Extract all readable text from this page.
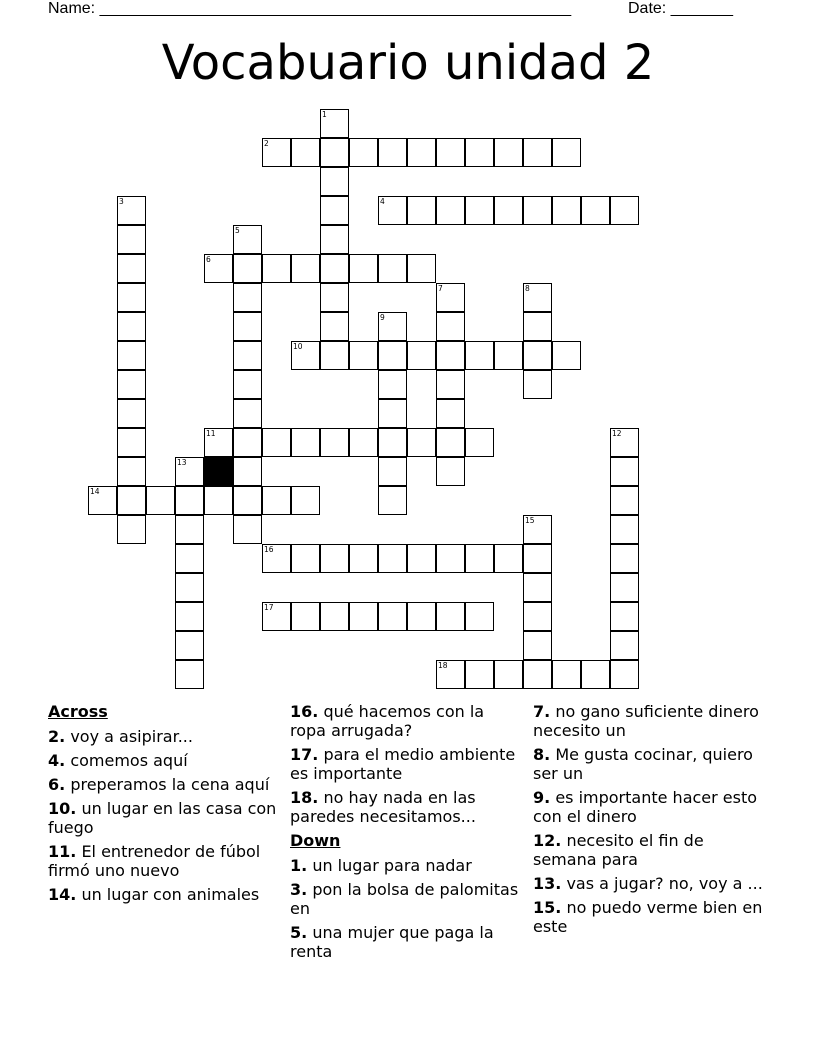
Name: _____________________________________________________	Date: _______
Vocabuario unidad 2
1
2
3	4
5
6
7	8
9
10
11	12
13
14
15
16
17
18
Across
2. voy a asipirar...
4. comemos aquí
6. preperamos la cena aquí
10. un lugar en las casa con fuego
11. El entrenedor de fúbol firmó uno nuevo
14. un lugar con animales
16. qué hacemos con la ropa arrugada?
17. para el medio ambiente es importante
18. no hay nada en las paredes necesitamos...
Down
1. un lugar para nadar
3. pon la bolsa de palomitas en
5. una mujer que paga la renta
7. no gano suficiente dinero necesito un
8. Me gusta cocinar, quiero ser un
9. es importante hacer esto con el dinero
12. necesito el fin de semana para
13. vas a jugar? no, voy a ...
15. no puedo verme bien en este
